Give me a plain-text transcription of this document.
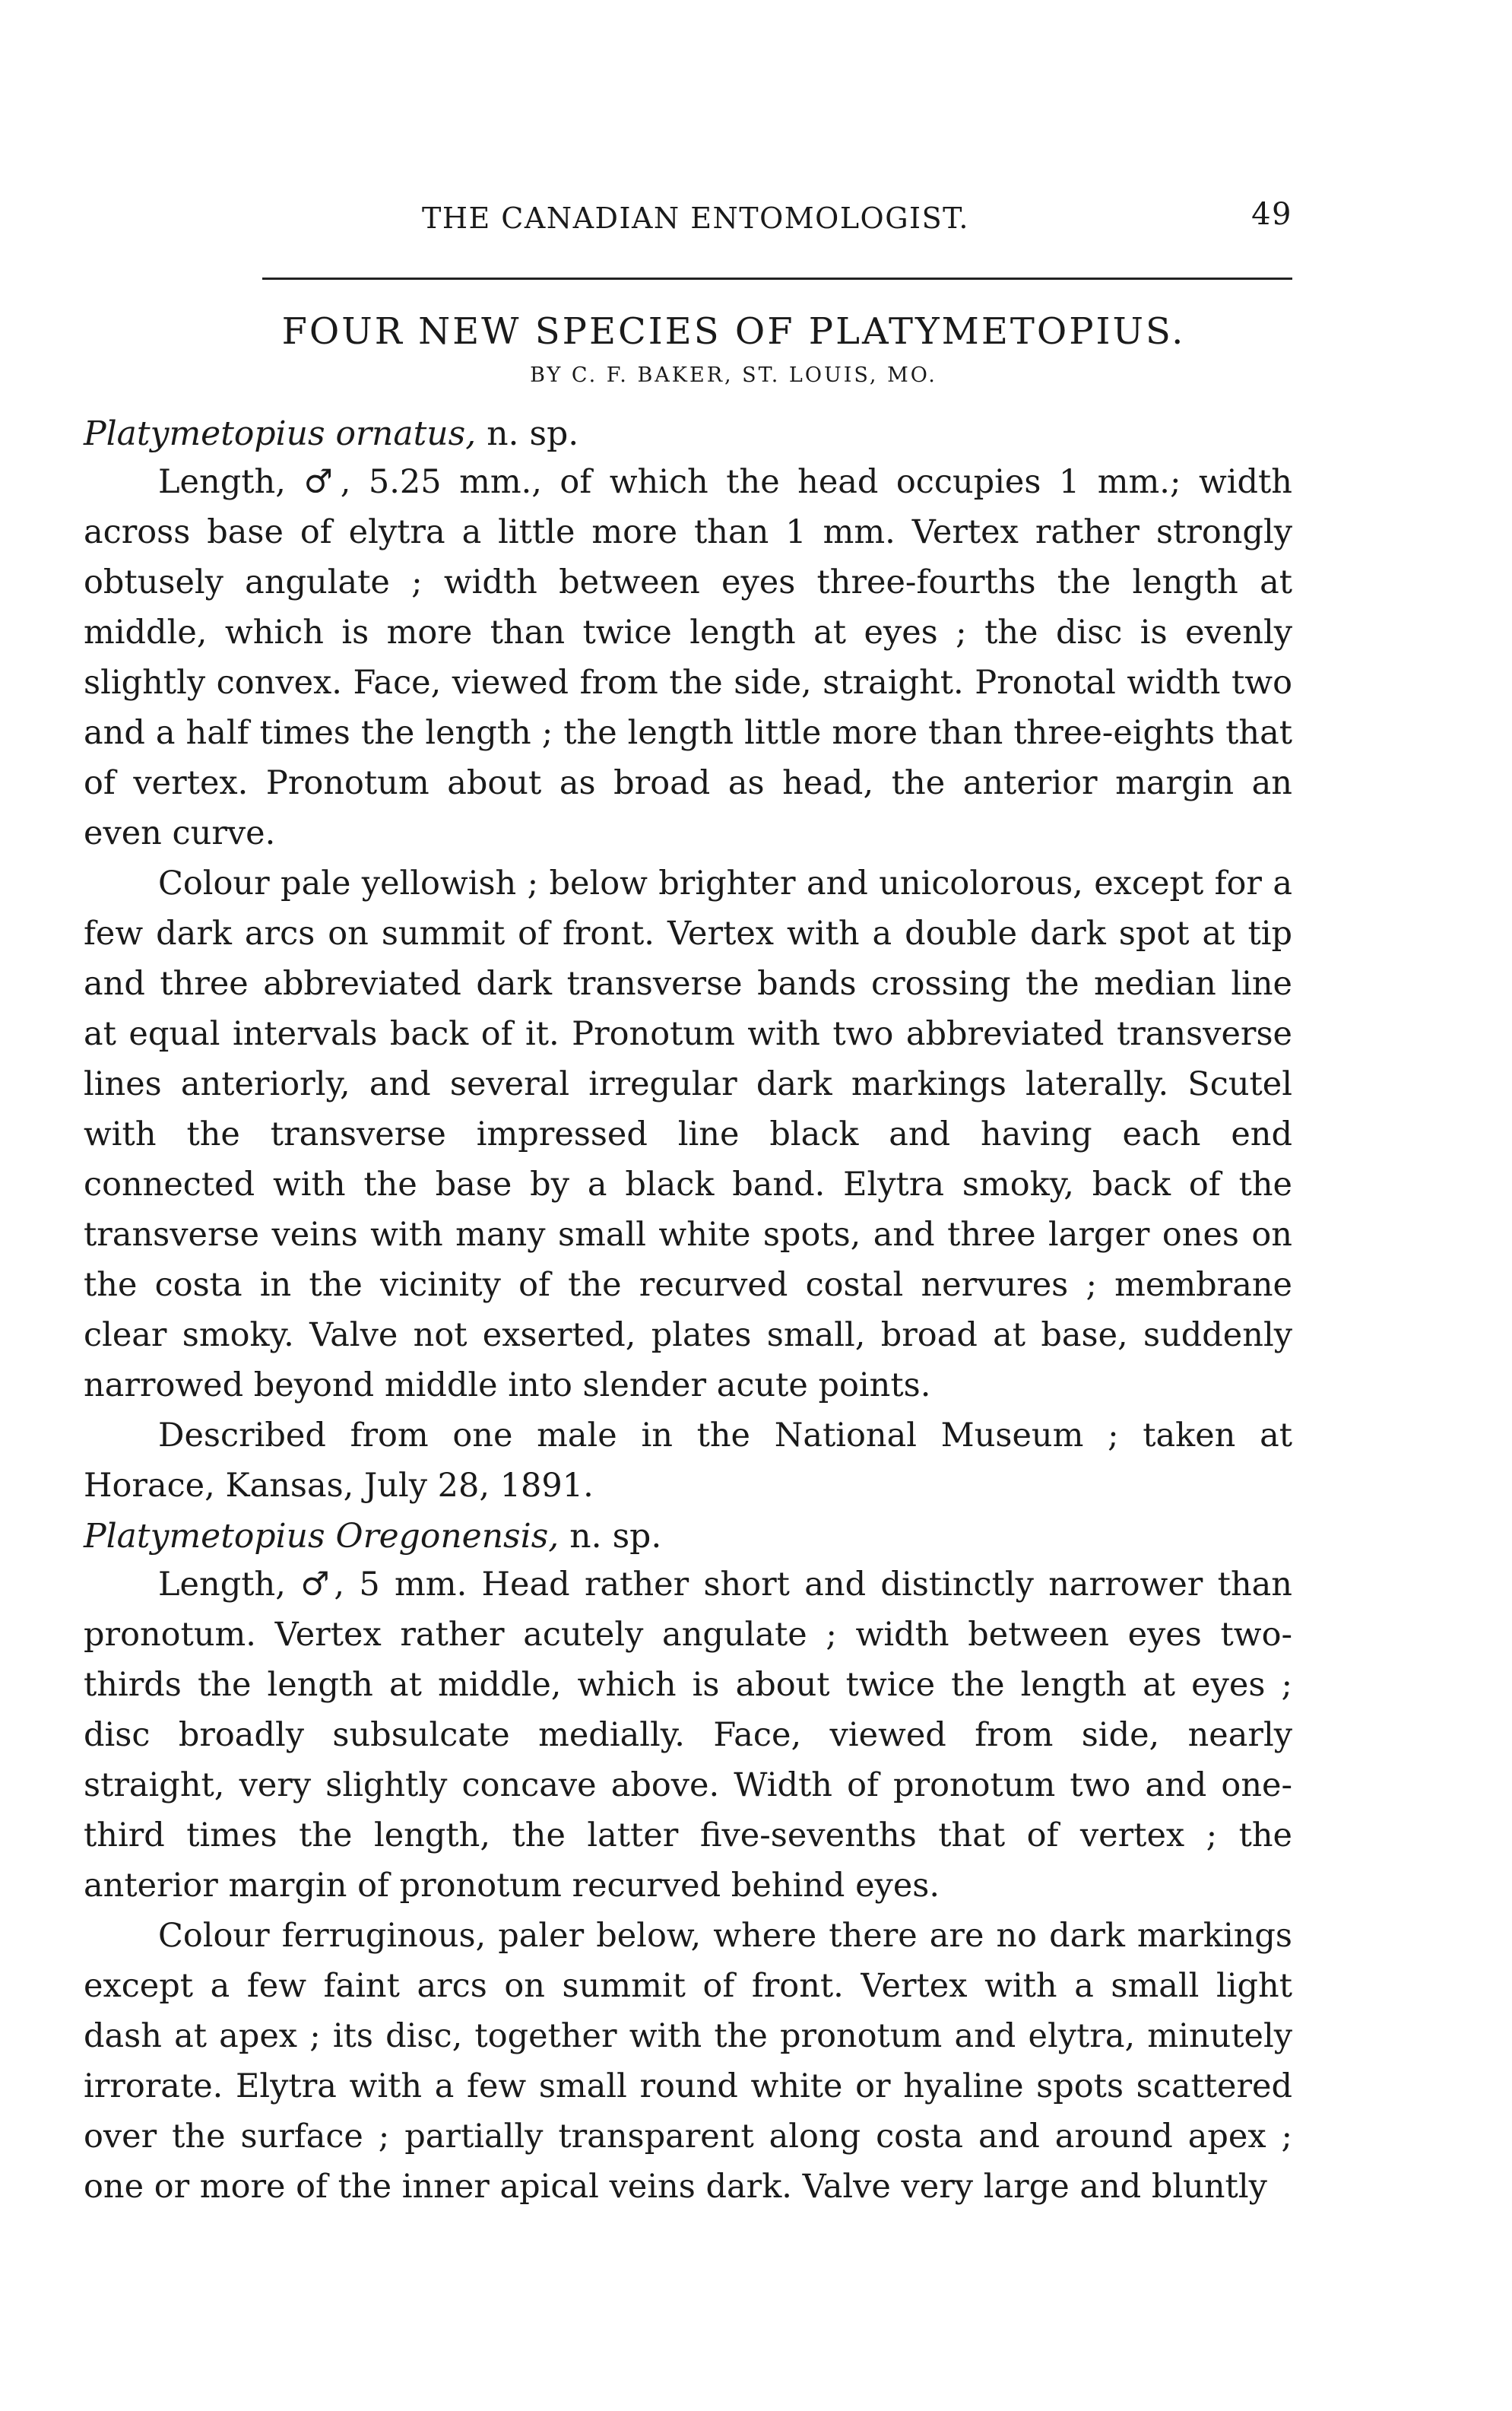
THE CANADIAN ENTOMOLOGIST.	49
FOUR NEW SPECIES OF PLATYMETOPIUS.
BY C. F. BAKER, ST. LOUIS, MO.
Platymetopius ornatus, n. sp.

Length, ♂, 5.25 mm., of which the head occupies 1 mm.; width across base of elytra a little more than 1 mm. Vertex rather strongly obtusely angulate ; width between eyes three-fourths the length at middle, which is more than twice length at eyes ; the disc is evenly slightly convex. Face, viewed from the side, straight. Pronotal width two and a half times the length ; the length little more than three-eights that of vertex. Pronotum about as broad as head, the anterior margin an even curve.

Colour pale yellowish ; below brighter and unicolorous, except for a few dark arcs on summit of front. Vertex with a double dark spot at tip and three abbreviated dark transverse bands crossing the median line at equal intervals back of it. Pronotum with two abbreviated transverse lines anteriorly, and several irregular dark markings laterally. Scutel with the transverse impressed line black and having each end connected with the base by a black band. Elytra smoky, back of the transverse veins with many small white spots, and three larger ones on the costa in the vicinity of the recurved costal nervures ; membrane clear smoky. Valve not exserted, plates small, broad at base, suddenly narrowed beyond middle into slender acute points.

Described from one male in the National Museum ; taken at Horace, Kansas, July 28, 1891.

Platymetopius Oregonensis, n. sp.

Length, ♂, 5 mm. Head rather short and distinctly narrower than pronotum. Vertex rather acutely angulate ; width between eyes two-thirds the length at middle, which is about twice the length at eyes ; disc broadly subsulcate medially. Face, viewed from side, nearly straight, very slightly concave above. Width of pronotum two and one-third times the length, the latter five-sevenths that of vertex ; the anterior margin of pronotum recurved behind eyes.

Colour ferruginous, paler below, where there are no dark markings except a few faint arcs on summit of front. Vertex with a small light dash at apex ; its disc, together with the pronotum and elytra, minutely irrorate. Elytra with a few small round white or hyaline spots scattered over the surface ; partially transparent along costa and around apex ; one or more of the inner apical veins dark. Valve very large and bluntly
